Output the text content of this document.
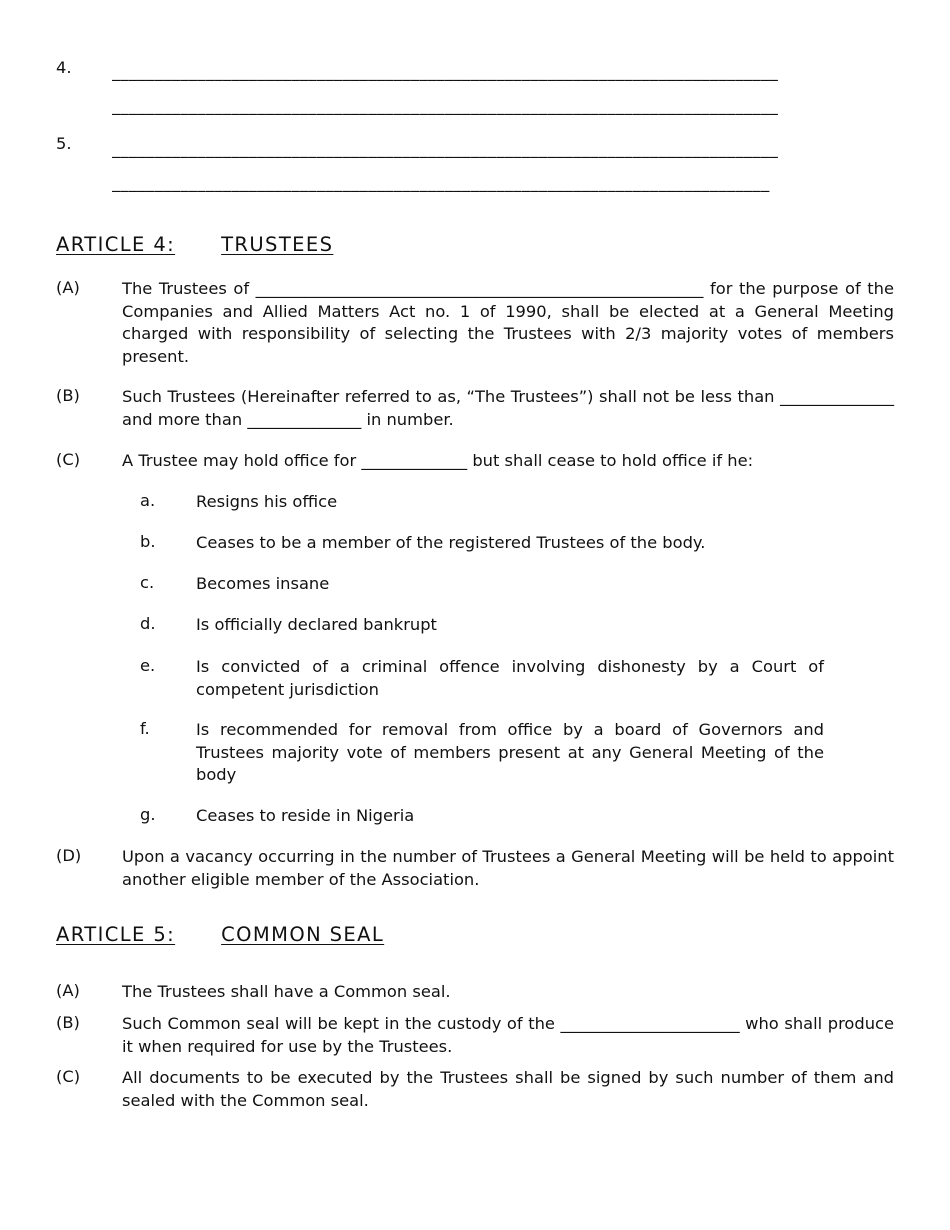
4. ______________________________________________________________________________
______________________________________________________________________________
5. ______________________________________________________________________________
_____________________________________________________________________________
ARTICLE 4: TRUSTEES
(A)	The Trustees of _______________________________________________________ for the purpose of the Companies and Allied Matters Act no. 1 of 1990, shall be elected at a General Meeting charged with responsibility of selecting the Trustees with 2/3 majority votes of members present.
(B)	Such Trustees (Hereinafter referred to as, “The Trustees”) shall not be less than ______________ and more than ______________ in number.
(C)	A Trustee may hold office for _____________ but shall cease to hold office if he:
a.	Resigns his office
b. Ceases to be a member of the registered Trustees of the body.
c.	Becomes insane
d. Is officially declared bankrupt
e.	Is convicted of a criminal offence involving dishonesty by a Court of competent jurisdiction
f.	Is recommended for removal from office by a board of Governors and Trustees majority vote of members present at any General Meeting of the body
g. Ceases to reside in Nigeria
(D)	Upon a vacancy occurring in the number of Trustees a General Meeting will be held to appoint another eligible member of the Association.
ARTICLE 5: COMMON SEAL
(A)	The Trustees shall have a Common seal.
(B)	Such Common seal will be kept in the custody of the ______________________ who shall produce it when required for use by the Trustees.
(C)	All documents to be executed by the Trustees shall be signed by such number of them and sealed with the Common seal.
